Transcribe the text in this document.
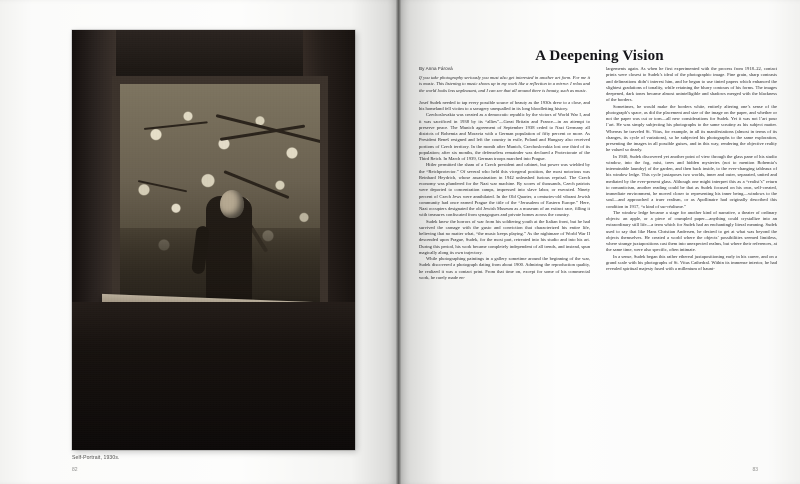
Self-Portrait, 1930s.
82
A Deepening Vision
By Anna Fárová

If you take photography seriously you must also get interested in another art form. For me it is music. This listening to music shows up in my work like a reflection in a mirror. I relax and the world looks less unpleasant, and I can see that all around there is beauty, such as music.

Josef Sudek needed to tap every possible source of beauty as the 1930s drew to a close, and his homeland fell victim to a savagery unequalled in its long bloodletting history.

Czechoslovakia was created as a democratic republic by the victors of World War I, and it was sacrificed in 1938 by its “allies”—Great Britain and France—in an attempt to preserve peace. The Munich agreement of September 1938 ceded to Nazi Germany all districts of Bohemia and Moravia with a German population of fifty percent or more. As President Beneš resigned and left the country in exile, Poland and Hungary also received portions of Czech territory. In the month after Munich, Czechoslovakia lost one third of its population; after six months, the defenseless remainder was declared a Protectorate of the Third Reich. In March of 1939, German troops marched into Prague.

Hitler permitted the sham of a Czech president and cabinet, but power was wielded by the “Reichprotector.” Of several who held this vicegeral position, the most notorious was Reinhard Heydrich, whose assassination in 1942 unleashed furious reprisal. The Czech economy was plundered for the Nazi war machine. By scores of thousands, Czech patriots were deported to concentration camps, impressed into slave labor, or executed. Ninety percent of Czech Jews were annihilated. In the Old Quarter, a centuries-old vibrant Jewish community had once earned Prague the title of the “Jerusalem of Eastern Europe.” Here, Nazi occupiers designated the old Jewish Museum as a museum of an extinct race, filling it with treasures confiscated from synagogues and private homes across the country.

Sudek knew the horrors of war from his soldiering youth at the Italian front, but he had survived the carnage with the gusto and conviction that characterized his entire life, believing that no matter what, “the music keeps playing.” As the nightmare of World War II descended upon Prague, Sudek, for the most part, retreated into his studio and into his art. During this period, his work became completely independent of all trends, and instead, spun magically along its own trajectory.

While photographing paintings in a gallery sometime around the beginning of the war, Sudek discovered a photograph dating from about 1900. Admiring the reproduction quality, he realized it was a contact print. From that time on, except for some of his commercial work, he rarely made en-

largements again. As when he first experimented with the process from 1918–22, contact prints were closest to Sudek’s ideal of the photographic image. Fine grain, sharp contrasts and delineations didn’t interest him, and he began to use tinted papers which enhanced the slightest gradations of tonality, while retaining the blurry contours of his forms. The images deepened, dark tones became almost unintelligible and shadows merged with the blackness of the borders.

Sometimes, he would make the borders white, entirely altering one’s sense of the photograph’s space, as did the placement and size of the image on the paper, and whether or not the paper was cut or torn—all new considerations for Sudek. Yet it was not l’art pour l’art. He was simply subjecting his photographs to the same scrutiny as his subject matter. Whereas he traveled St. Vitus, for example, in all its manifestations (almost in terms of its changes, its cycle of variations), so he subjected his photographs to the same exploration, presenting the images in all possible guises, and in this way, rendering the objective reality he valued so dearly.

In 1940, Sudek discovered yet another point of view through the glass pane of his studio window, into the fog, mist, trees and hidden mysteries (not to mention Bohemia’s interminable laundry) of the garden, and then back inside, to the ever-changing tableaux of his window ledge. This cycle juxtaposes two worlds, inner and outer, separated, united and mediated by the ever-present glass. Although one might interpret this as a “realist’s” return to romanticism, another reading could be that as Sudek focused on his own, self-created, immediate environment, he moved closer to representing his inner being—windows to the soul—and approached a truer realism, or as Apollinaire had originally described this condition in 1917, “a kind of sur-réalisme.”

The window ledge became a stage for another kind of narrative, a theater of ordinary objects: an apple, or a piece of crumpled paper—anything could crystallize into an extraordinary still life—a term which for Sudek had an enchantingly literal meaning. Sudek used to say that like Hans Christian Andersen, he desired to get at what was beyond the objects themselves. He created a world where the objects’ possibilities seemed limitless, where strange juxtapositions cast them into unexpected realms, but where their references, at the same time, were also specific, often intimate.

In a sense, Sudek began this rather ethereal juxtapositioning early in his career, and on a grand scale with his photographs of St. Vitus Cathedral. Within its immense interior, he had revealed spiritual majesty fused with a millenium of haunt-

83
